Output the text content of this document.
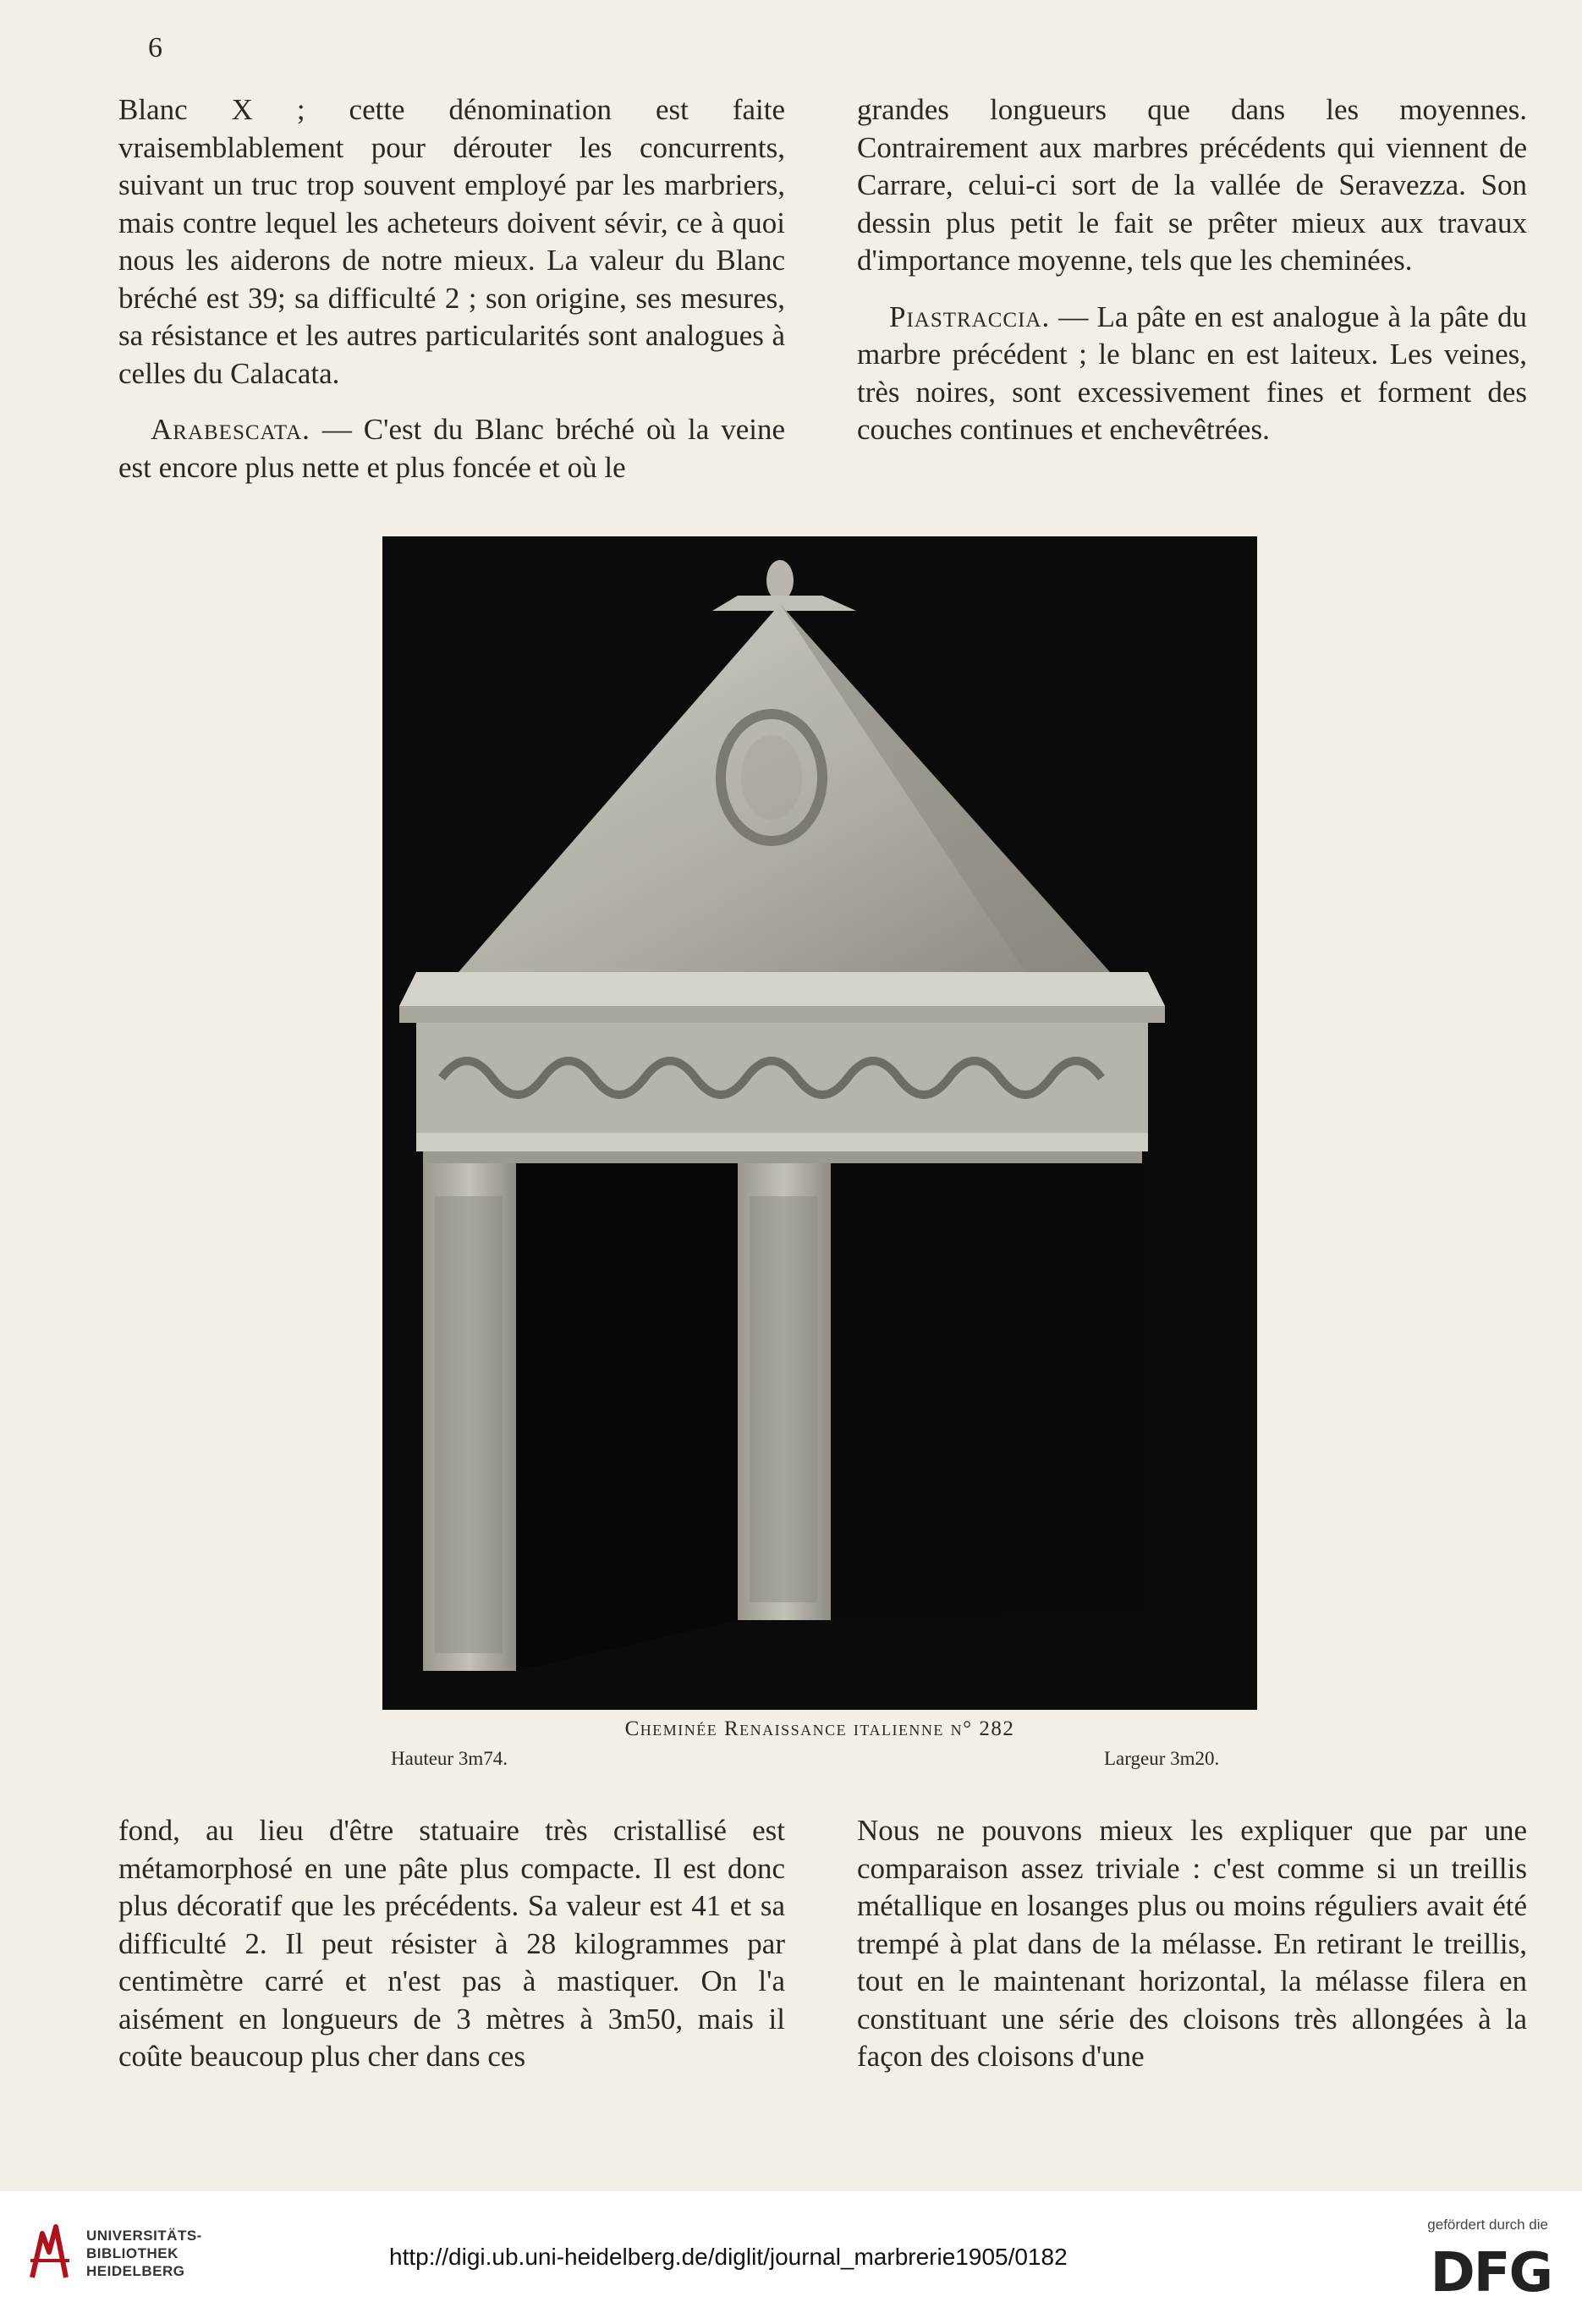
6

Blanc X ; cette dénomination est faite vraisemblablement pour dérouter les concurrents, suivant un truc trop souvent employé par les marbriers, mais contre lequel les acheteurs doivent sévir, ce à quoi nous les aiderons de notre mieux. La valeur du Blanc bréché est 39; sa difficulté 2 ; son origine, ses mesures, sa résistance et les autres particularités sont analogues à celles du Calacata.

Arabescata. — C'est du Blanc bréché où la veine est encore plus nette et plus foncée et où le

grandes longueurs que dans les moyennes. Contrairement aux marbres précédents qui viennent de Carrare, celui-ci sort de la vallée de Seravezza. Son dessin plus petit le fait se prêter mieux aux travaux d'importance moyenne, tels que les cheminées.

Piastraccia. — La pâte en est analogue à la pâte du marbre précédent ; le blanc en est laiteux. Les veines, très noires, sont excessivement fines et forment des couches continues et enchevêtrées.

Cheminée Renaissance italienne n° 282
Hauteur 3m74.	Largeur 3m20.

fond, au lieu d'être statuaire très cristallisé est métamorphosé en une pâte plus compacte. Il est donc plus décoratif que les précédents. Sa valeur est 41 et sa difficulté 2. Il peut résister à 28 kilogrammes par centimètre carré et n'est pas à mastiquer. On l'a aisément en longueurs de 3 mètres à 3m50, mais il coûte beaucoup plus cher dans ces

Nous ne pouvons mieux les expliquer que par une comparaison assez triviale : c'est comme si un treillis métallique en losanges plus ou moins réguliers avait été trempé à plat dans de la mélasse. En retirant le treillis, tout en le maintenant horizontal, la mélasse filera en constituant une série des cloisons très allongées à la façon des cloisons d'une

UNIVERSITÄTS-
BIBLIOTHEK
HEIDELBERG
http://digi.ub.uni-heidelberg.de/diglit/journal_marbrerie1905/0182
gefördert durch die
DFG
